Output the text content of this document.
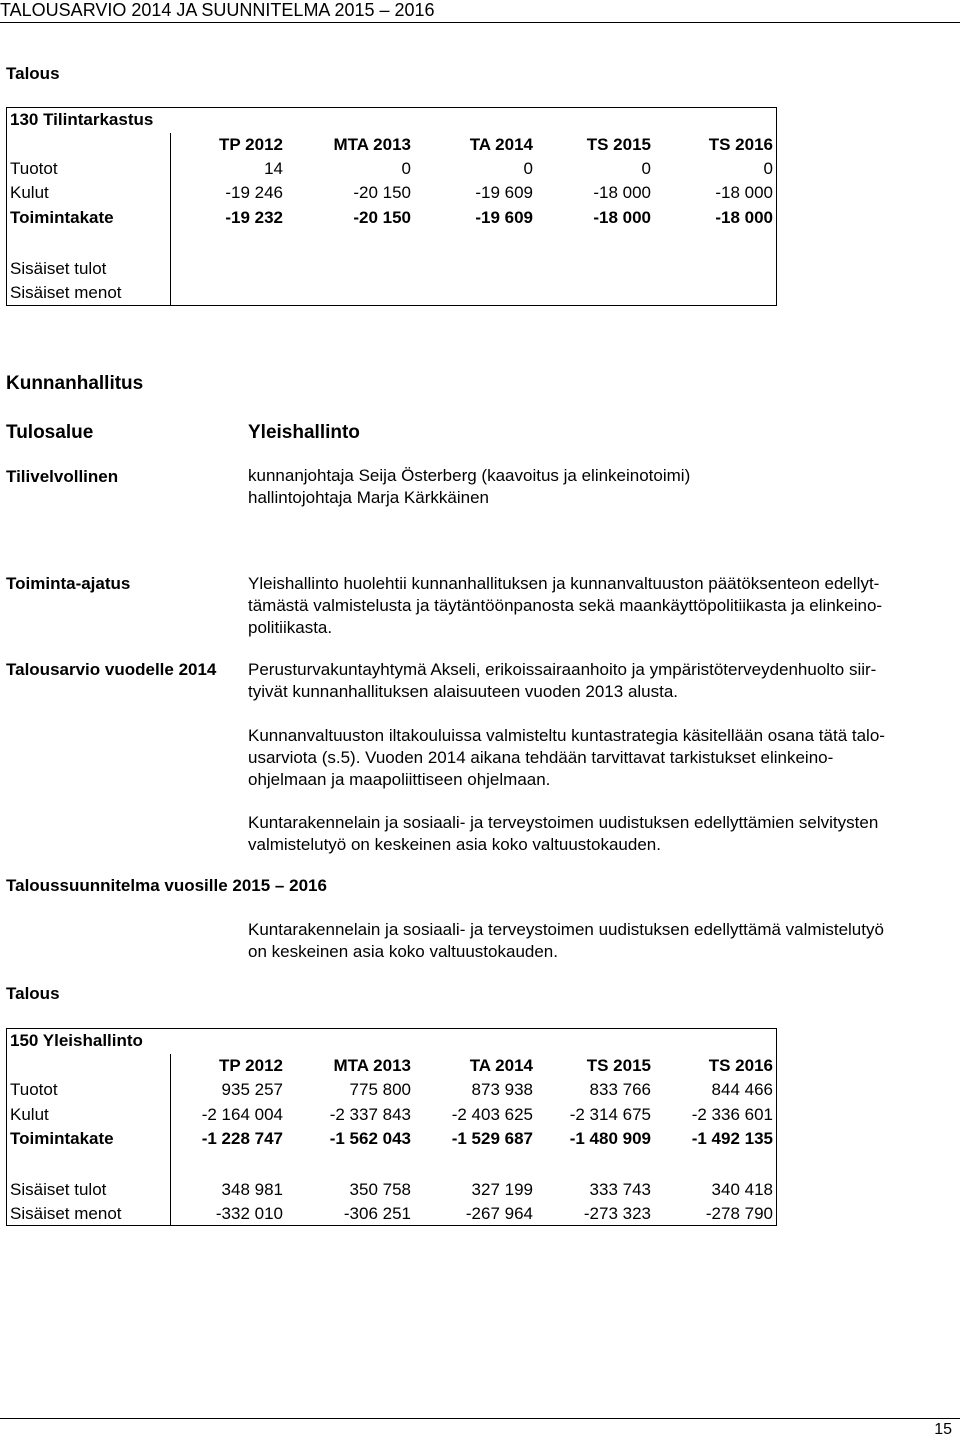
TALOUSARVIO 2014 JA SUUNNITELMA 2015 – 2016
Talous
130 Tilintarkastus
TP 2012	MTA 2013	TA 2014	TS 2015	TS 2016
Tuotot	14	0	0	0	0
Kulut	-19 246	-20 150	-19 609	-18 000	-18 000
Toimintakate	-19 232	-20 150	-19 609	-18 000	-18 000
Sisäiset tulot
Sisäiset menot
Kunnanhallitus
Tulosalue	Yleishallinto
Tilivelvollinen	kunnanjohtaja Seija Österberg (kaavoitus ja elinkeinotoimi)
hallintojohtaja Marja Kärkkäinen
Toiminta-ajatus	Yleishallinto huolehtii kunnanhallituksen ja kunnanvaltuuston päätöksenteon edellyt-
tämästä valmistelusta ja täytäntöönpanosta sekä maankäyttöpolitiikasta ja elinkeino-
politiikasta.
Talousarvio vuodelle 2014 Perusturvakuntayhtymä Akseli, erikoissairaanhoito ja ympäristöterveydenhuolto siir-
tyivät kunnanhallituksen alaisuuteen vuoden 2013 alusta.
Kunnanvaltuuston iltakouluissa valmisteltu kuntastrategia käsitellään osana tätä talo-
usarviota (s.5). Vuoden 2014 aikana tehdään tarvittavat tarkistukset elinkeino-
ohjelmaan ja maapoliittiseen ohjelmaan.
Kuntarakennelain ja sosiaali- ja terveystoimen uudistuksen edellyttämien selvitysten
valmistelutyö on keskeinen asia koko valtuustokauden.
Taloussuunnitelma vuosille 2015 – 2016
Kuntarakennelain ja sosiaali- ja terveystoimen uudistuksen edellyttämä valmistelutyö
on keskeinen asia koko valtuustokauden.
Talous
150 Yleishallinto
TP 2012	MTA 2013	TA 2014	TS 2015	TS 2016
Tuotot	935 257	775 800	873 938	833 766	844 466
Kulut	-2 164 004	-2 337 843	-2 403 625	-2 314 675	-2 336 601
Toimintakate	-1 228 747	-1 562 043	-1 529 687	-1 480 909	-1 492 135
Sisäiset tulot	348 981	350 758	327 199	333 743	340 418
Sisäiset menot	-332 010	-306 251	-267 964	-273 323	-278 790
15
